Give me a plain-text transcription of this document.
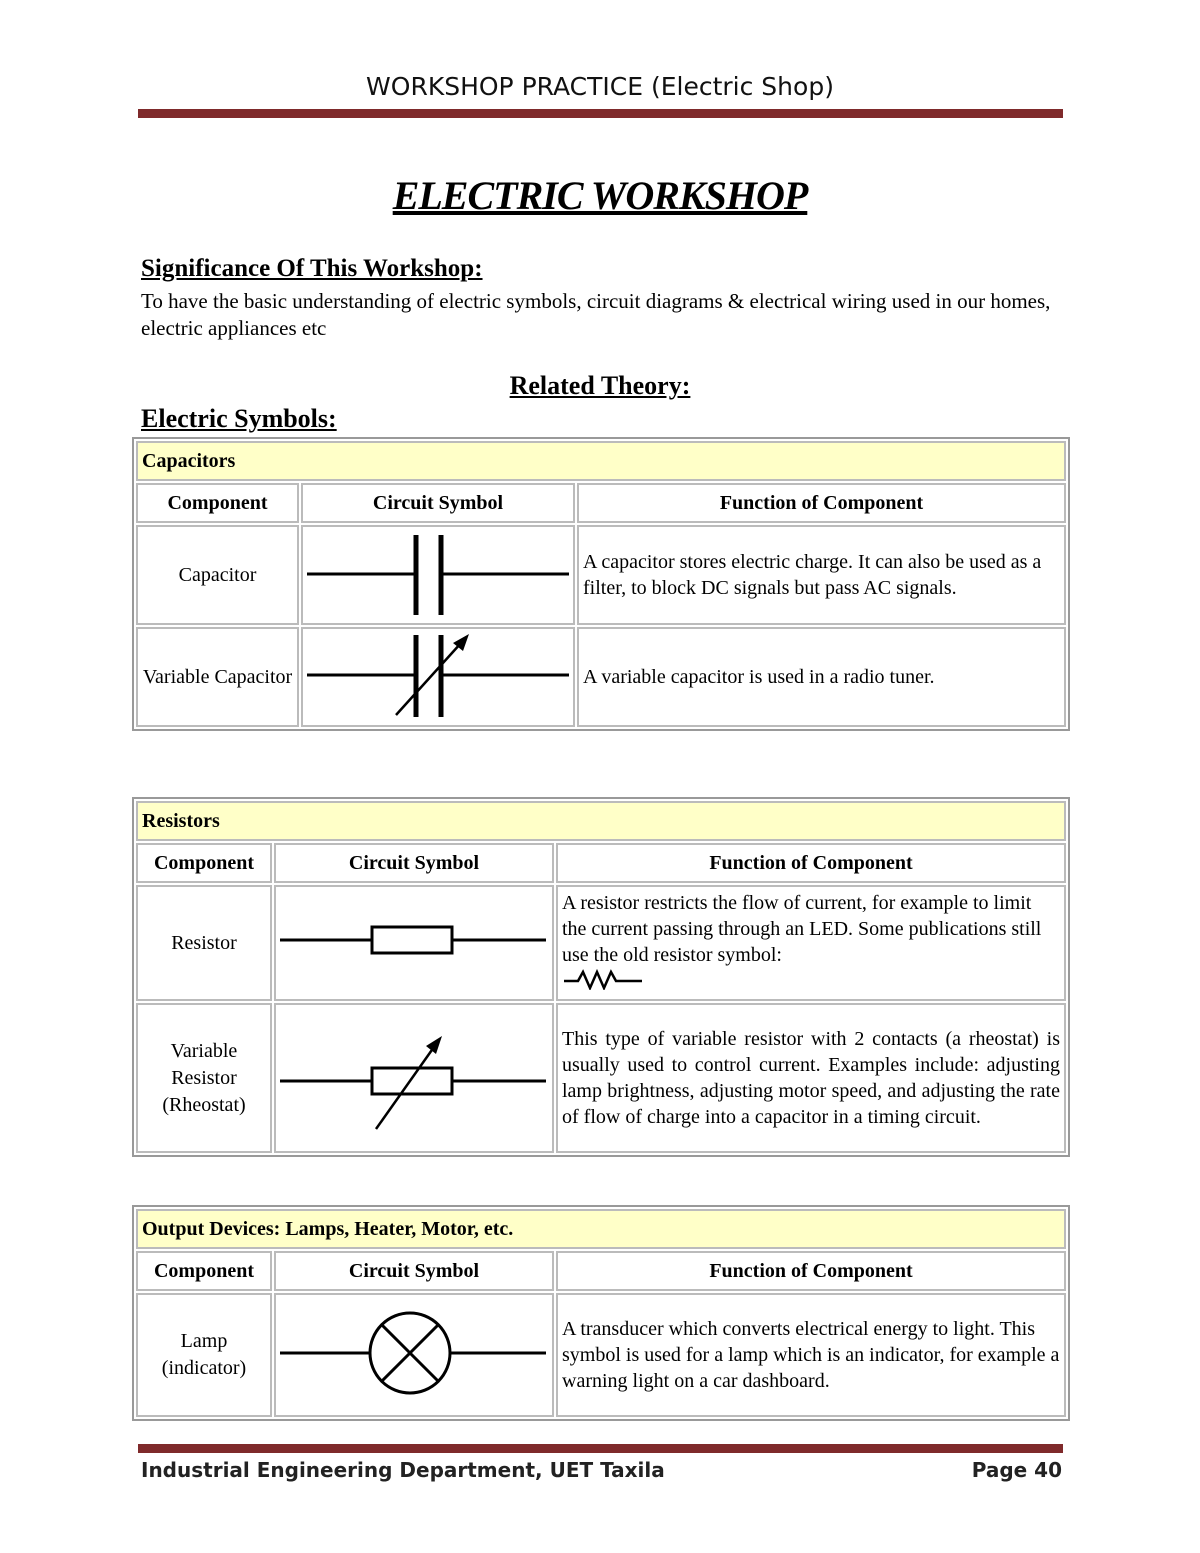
WORKSHOP PRACTICE (Electric Shop)
ELECTRIC WORKSHOP
Significance Of This Workshop:
To have the basic understanding of electric symbols, circuit diagrams & electrical wiring used in our homes, electric appliances etc
Related Theory:
Electric Symbols:
Capacitors		
Component	Circuit Symbol	Function of Component
Capacitor		A capacitor stores electric charge. It can also be used as a filter, to block DC signals but pass AC signals.
Variable Capacitor		A variable capacitor is used in a radio tuner.
Resistors		
Component	Circuit Symbol	Function of Component
Resistor		A resistor restricts the flow of current, for example to limit the current passing through an LED. Some publications still use the old resistor symbol:

Variable Resistor (Rheostat)		This type of variable resistor with 2 contacts (a rheostat) is usually used to control current. Examples include: adjusting lamp brightness, adjusting motor speed, and adjusting the rate of flow of charge into a capacitor in a timing circuit.
Output Devices: Lamps, Heater, Motor, etc.		
Component	Circuit Symbol	Function of Component
Lamp (indicator)		A transducer which converts electrical energy to light. This symbol is used for a lamp which is an indicator, for example a warning light on a car dashboard.
Industrial Engineering Department, UET Taxila	Page 40
